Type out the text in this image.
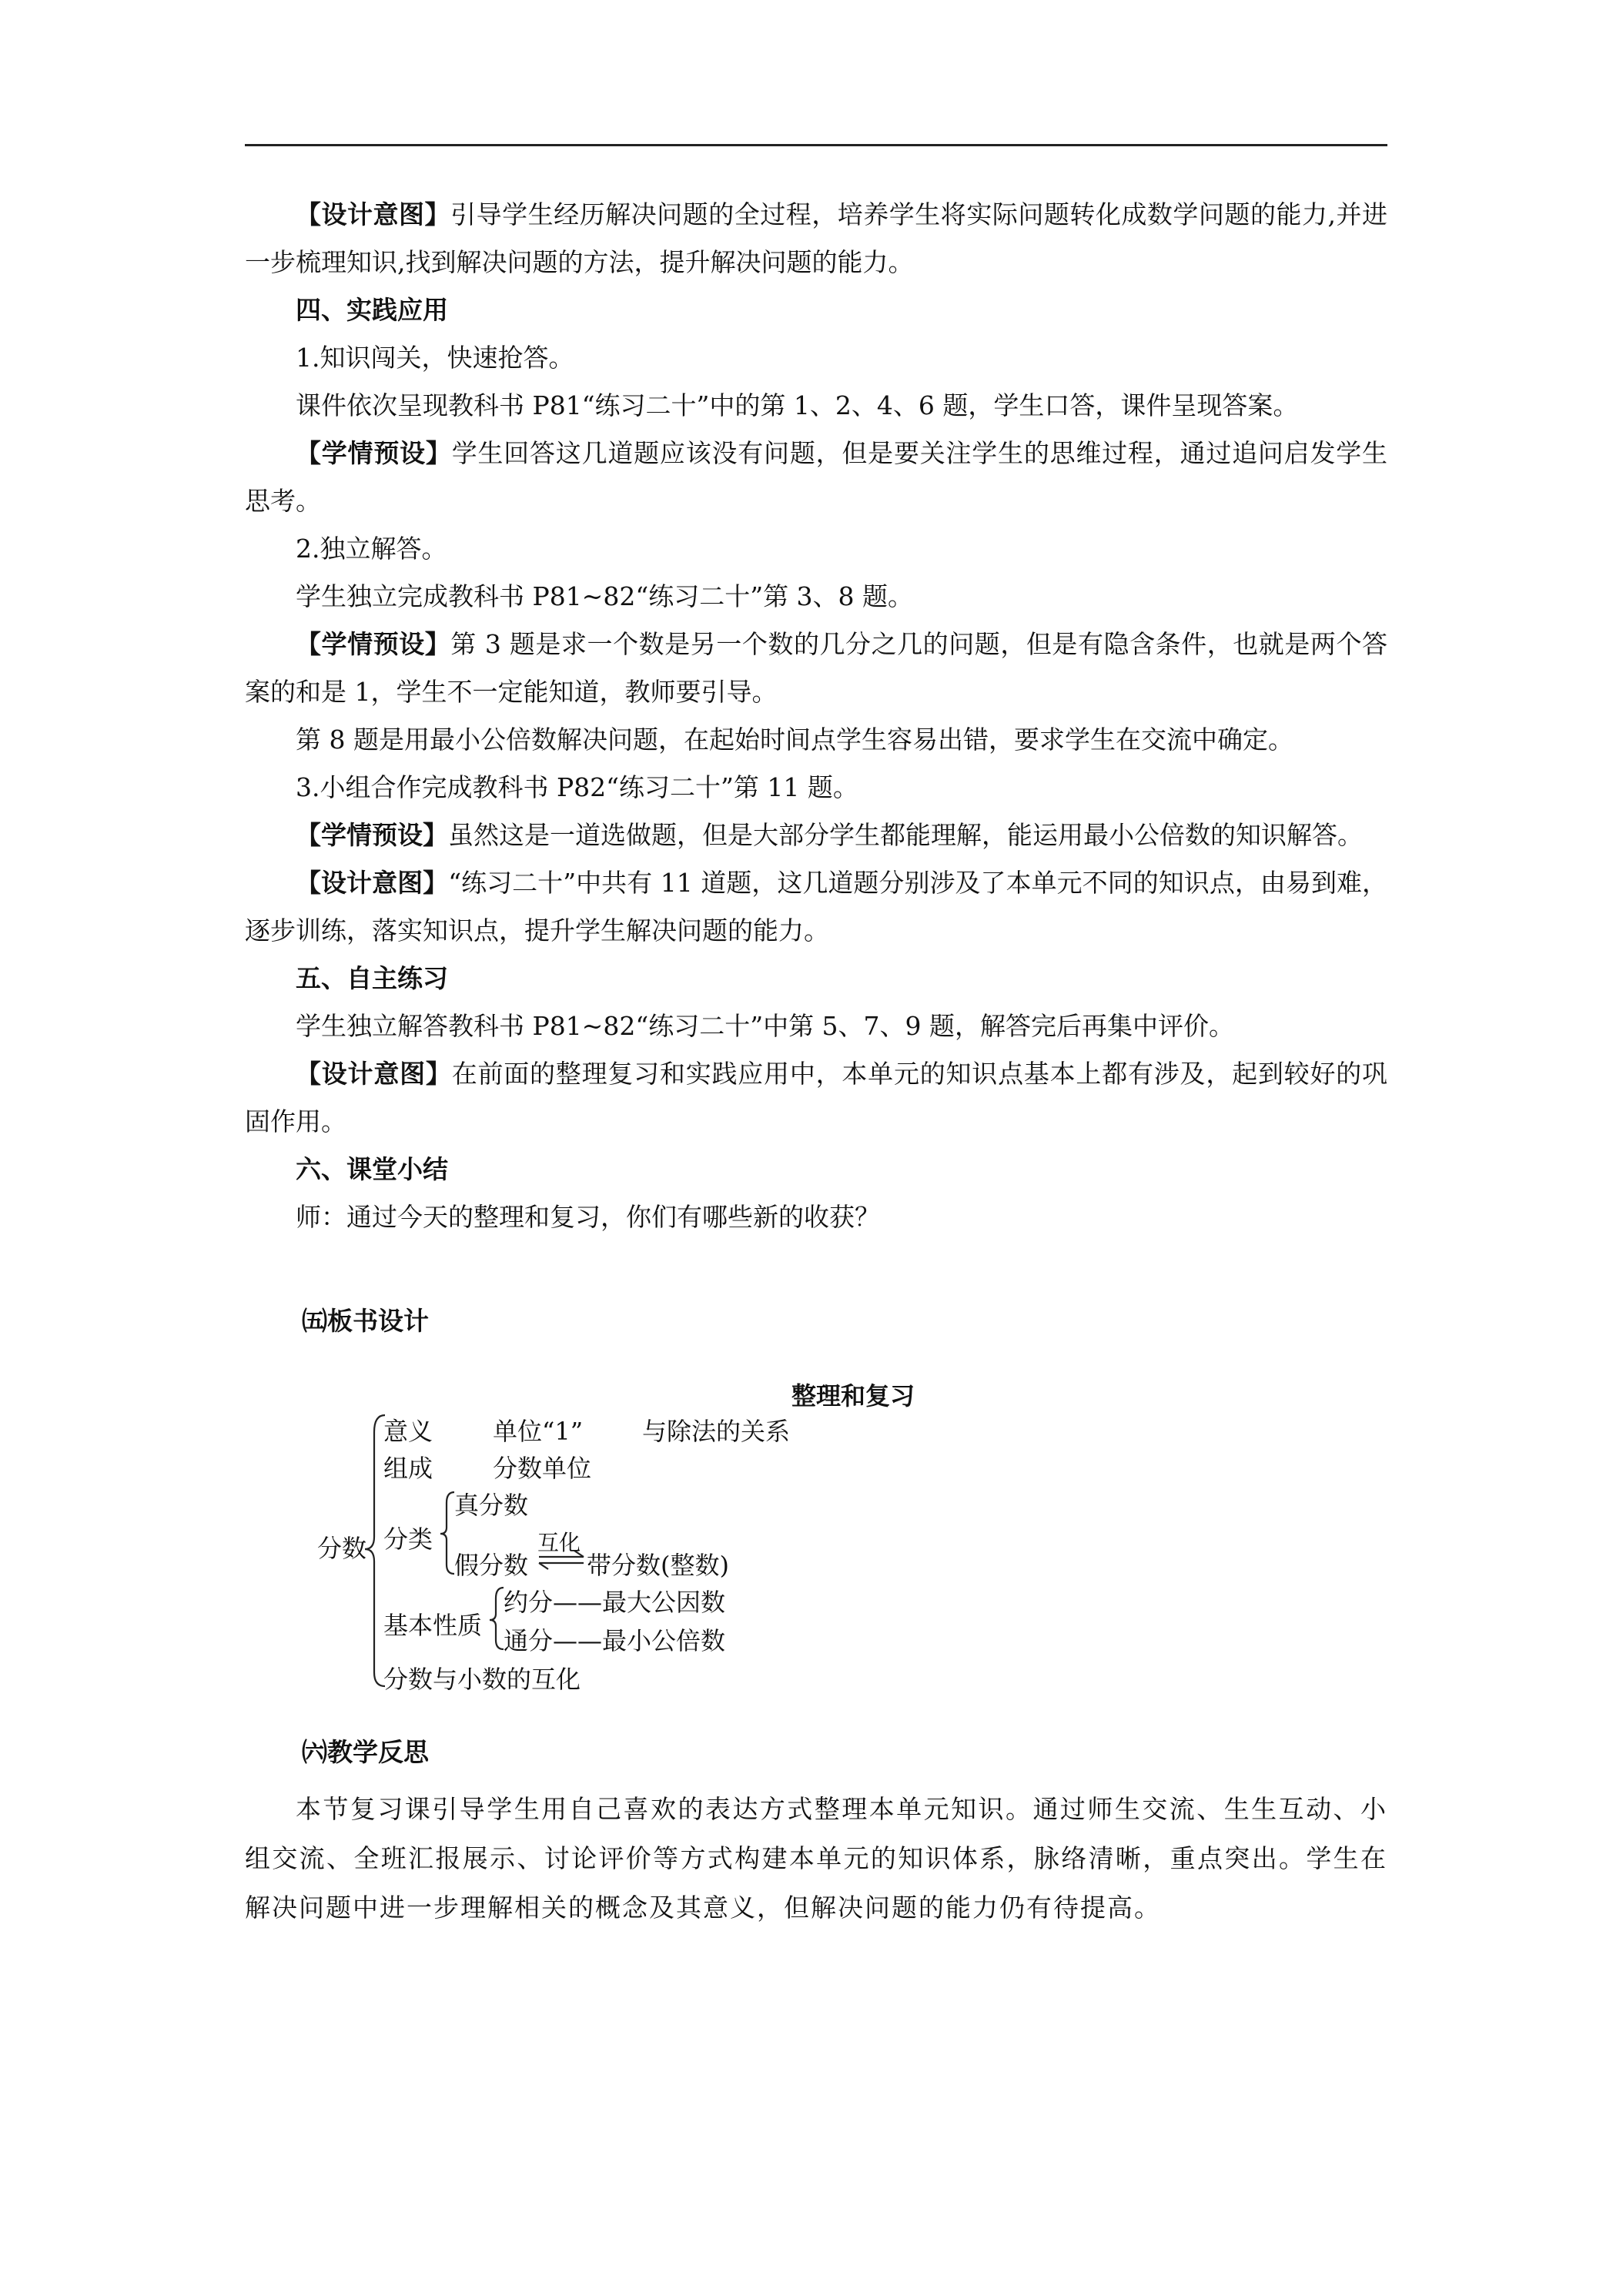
【设计意图】引导学生经历解决问题的全过程，培养学生将实际问题转化成数学问题的能力,并进一步梳理知识,找到解决问题的方法，提升解决问题的能力。

四、实践应用

1.知识闯关，快速抢答。

课件依次呈现教科书 P81“练习二十”中的第 1、2、4、6 题，学生口答，课件呈现答案。

【学情预设】学生回答这几道题应该没有问题，但是要关注学生的思维过程，通过追问启发学生思考。

2.独立解答。

学生独立完成教科书 P81~82“练习二十”第 3、8 题。

【学情预设】第 3 题是求一个数是另一个数的几分之几的问题，但是有隐含条件，也就是两个答案的和是 1，学生不一定能知道，教师要引导。

第 8 题是用最小公倍数解决问题，在起始时间点学生容易出错，要求学生在交流中确定。

3.小组合作完成教科书 P82“练习二十”第 11 题。

【学情预设】虽然这是一道选做题，但是大部分学生都能理解，能运用最小公倍数的知识解答。

【设计意图】“练习二十”中共有 11 道题，这几道题分别涉及了本单元不同的知识点，由易到难，逐步训练，落实知识点，提升学生解决问题的能力。

五、自主练习

学生独立解答教科书 P81~82“练习二十”中第 5、7、9 题，解答完后再集中评价。

【设计意图】在前面的整理复习和实践应用中，本单元的知识点基本上都有涉及，起到较好的巩固作用。

六、课堂小结

师：通过今天的整理和复习，你们有哪些新的收获？

㈤板书设计
整理和复习
分数
意义 单位“1” 与除法的关系
组成 分数单位
分类
真分数
假分数
互化
带分数(整数)
基本性质
约分——最大公因数
通分——最小公倍数
分数与小数的互化
㈥教学反思

本节复习课引导学生用自己喜欢的表达方式整理本单元知识。通过师生交流、生生互动、小组交流、全班汇报展示、讨论评价等方式构建本单元的知识体系，脉络清晰，重点突出。学生在解决问题中进一步理解相关的概念及其意义，但解决问题的能力仍有待提高。
